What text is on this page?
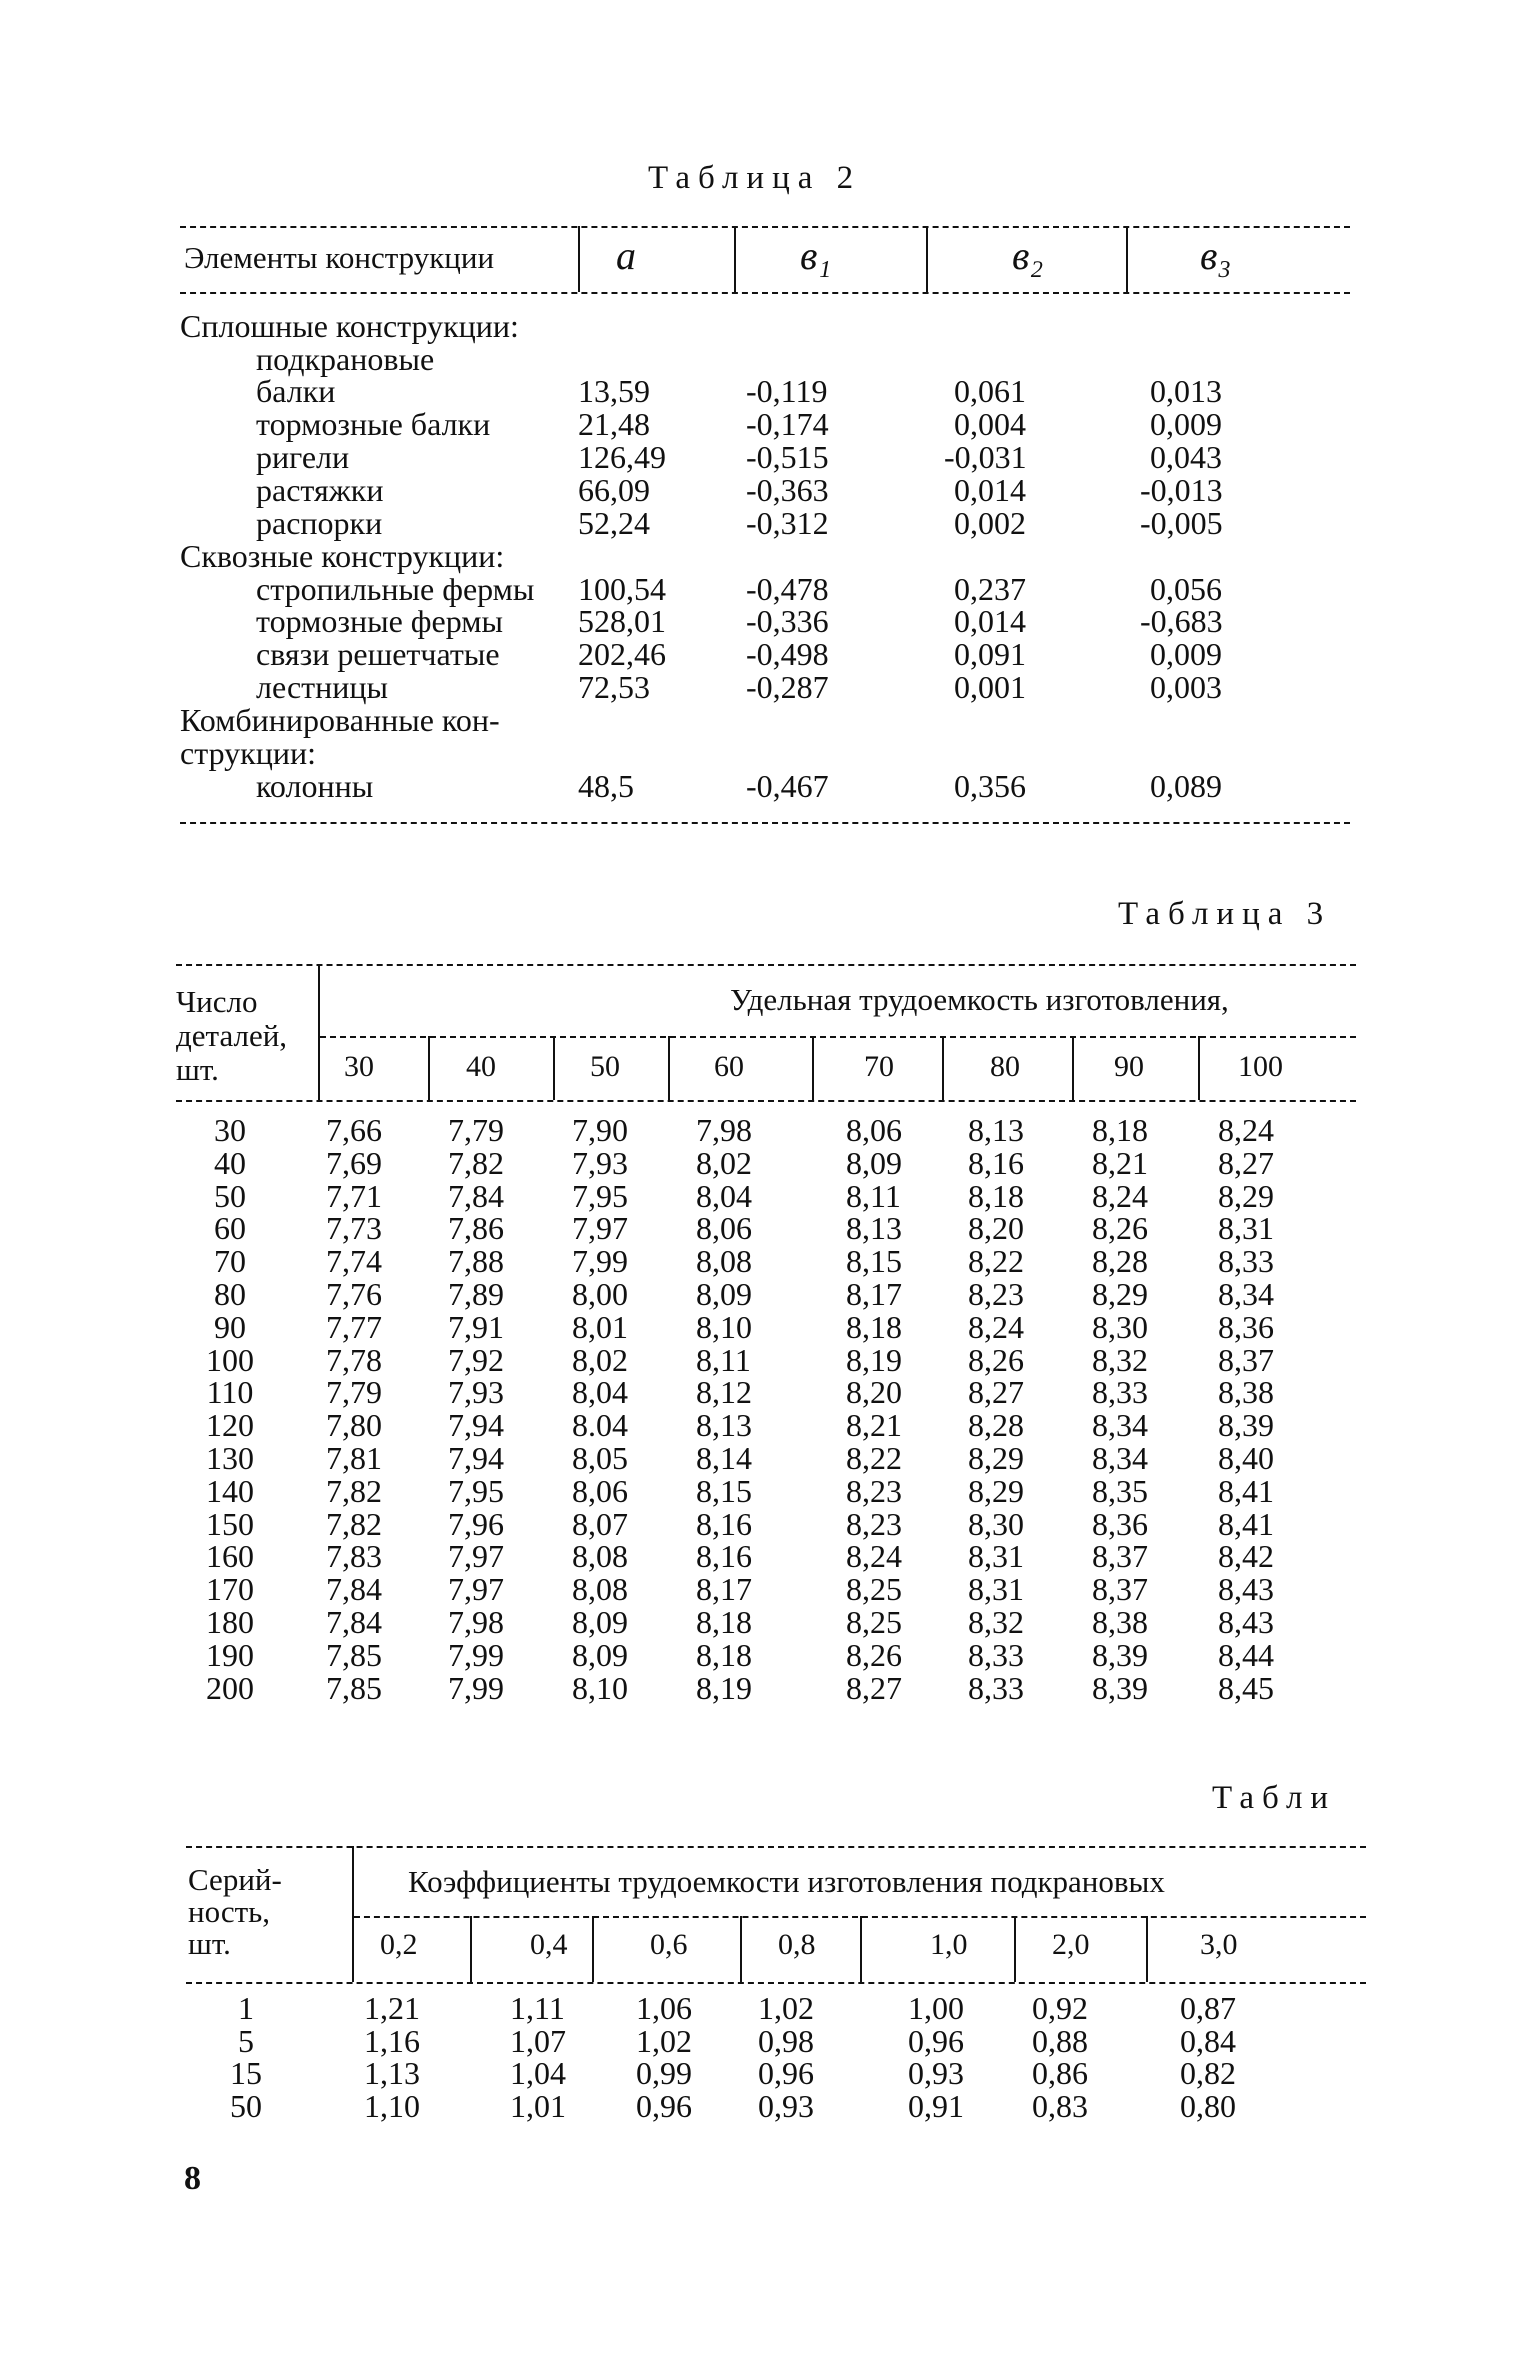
Таблица 2
Элементы конструкции	a	в₁	в₂	в₃
Сплошные конструкции:
подкрановые
балки	13,59	-0,119	0,061	0,013
тормозные балки	21,48	-0,174	0,004	0,009
ригели	126,49	-0,515	-0,031	0,043
растяжки	66,09	-0,363	0,014	-0,013
распорки	52,24	-0,312	0,002	-0,005
Сквозные конструкции:
стропильные фермы 100,54	-0,478	0,237	0,056
тормозные фермы 528,01	-0,336	0,014	-0,683
связи решетчатые 202,46	-0,498	0,091	0,009
лестницы	72,53	-0,287	0,001	0,003
Комбинированные кон-
струкции:
колонны	48,5	-0,467	0,356	0,089
Таблица 3
Число
деталей,
шт.
Удельная трудоемкость изготовления,
30	40	50	60	70	80	90	100
30	7,66 7,79 7,90 7,98	8,06 8,13 8,18 8,24
40	7,69 7,82 7,93 8,02	8,09 8,16 8,21 8,27
50	7,71 7,84 7,95 8,04	8,11 8,18 8,24 8,29
60	7,73 7,86 7,97 8,06	8,13 8,20 8,26 8,31
70	7,74 7,88 7,99 8,08	8,15 8,22 8,28 8,33
80	7,76 7,89 8,00 8,09	8,17 8,23 8,29 8,34
90	7,77 7,91 8,01 8,10	8,18 8,24 8,30 8,36
100 7,78 7,92 8,02 8,11	8,19 8,26 8,32 8,37
110 7,79 7,93 8,04 8,12	8,20 8,27 8,33 8,38
120 7,80 7,94 8.04 8,13	8,21 8,28 8,34 8,39
130 7,81 7,94 8,05 8,14	8,22 8,29 8,34 8,40
140 7,82 7,95 8,06 8,15	8,23 8,29 8,35 8,41
150 7,82 7,96 8,07 8,16	8,23 8,30 8,36 8,41
160 7,83 7,97 8,08 8,16	8,24 8,31 8,37 8,42
170 7,84 7,97 8,08 8,17	8,25 8,31 8,37 8,43
180 7,84 7,98 8,09 8,18	8,25 8,32 8,38 8,43
190 7,85 7,99 8,09 8,18	8,26 8,33 8,39 8,44
200 7,85 7,99 8,10 8,19	8,27 8,33 8,39 8,45
Табли
Серий-
ность,
шт.
Коэффициенты трудоемкости изготовления подкрановых
0,2	0,4	0,6	0,8	1,0	2,0	3,0
1	1,21	1,11 1,06 1,02	1,00 0,92	0,87
5	1,16	1,07 1,02 0,98	0,96 0,88	0,84
15	1,13	1,04 0,99 0,96	0,93 0,86	0,82
50	1,10	1,01 0,96 0,93	0,91 0,83	0,80
8
